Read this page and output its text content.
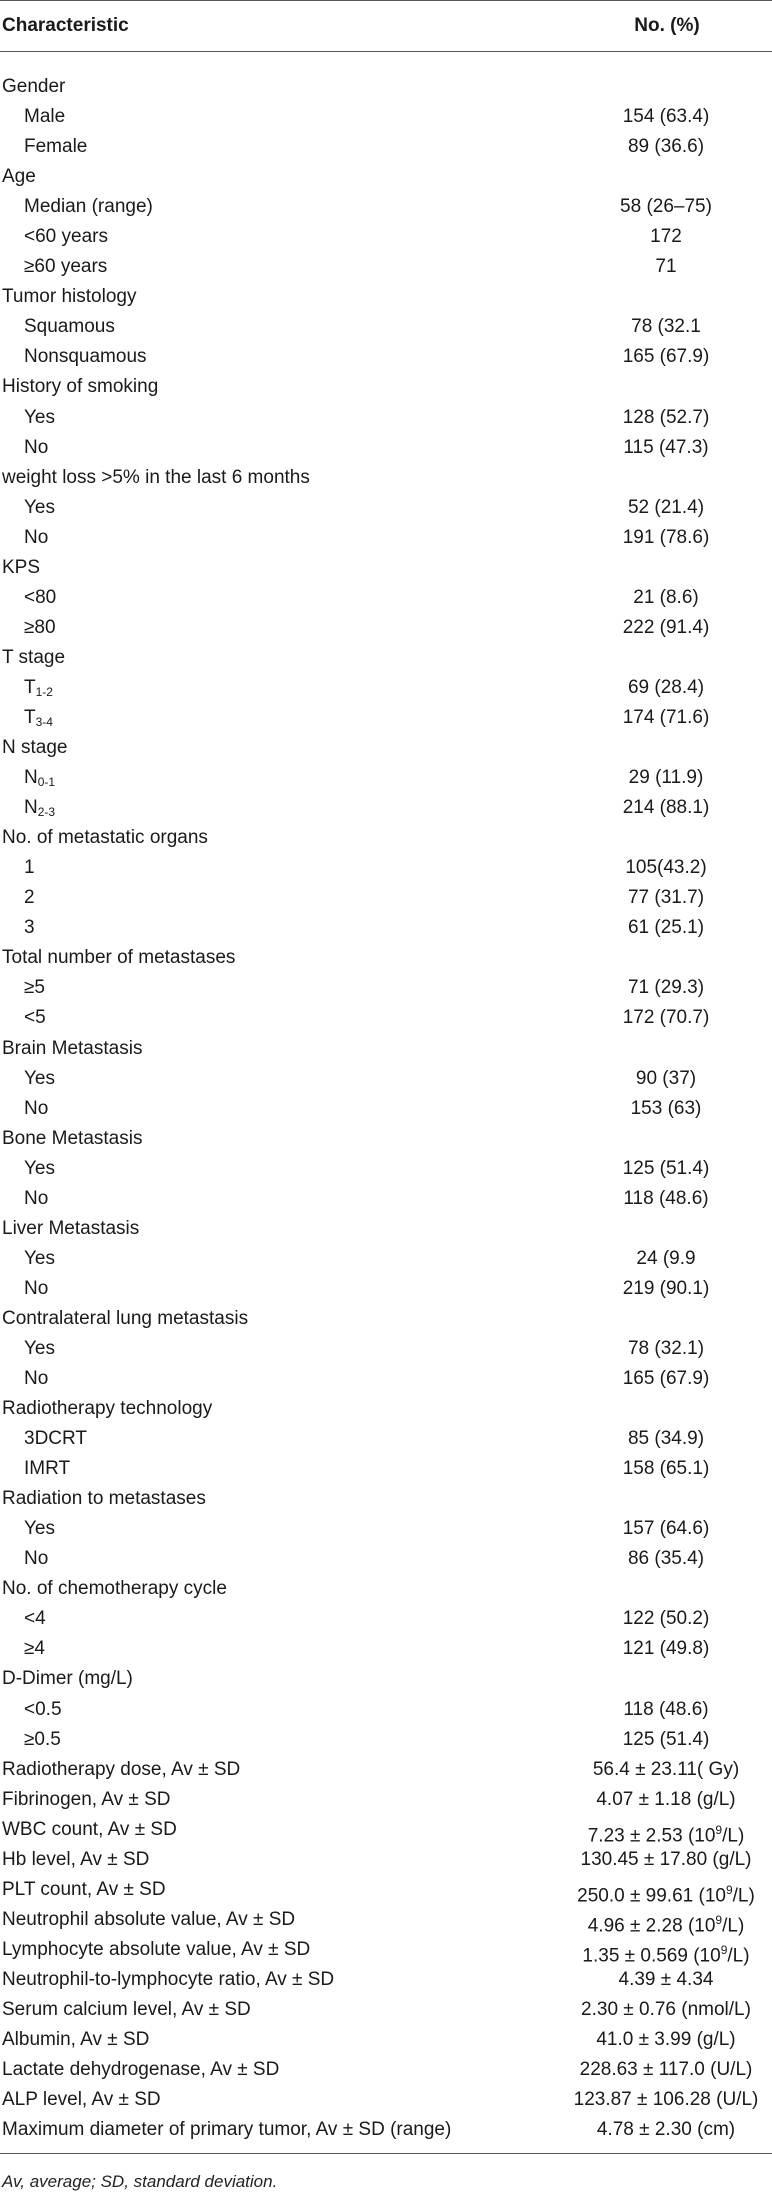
Characteristic	No. (%)
Gender
Male	154 (63.4)
Female	89 (36.6)
Age
Median (range)	58 (26–75)
<60 years	172
≥60 years	71
Tumor histology
Squamous	78 (32.1
Nonsquamous	165 (67.9)
History of smoking
Yes	128 (52.7)
No	115 (47.3)
weight loss >5% in the last 6 months
Yes	52 (21.4)
No	191 (78.6)
KPS
<80	21 (8.6)
≥80	222 (91.4)
T stage
$T_{1-2}$	69 (28.4)
$T_{3-4}$	174 (71.6)
N stage
$N_{0-1}$	29 (11.9)
$N_{2-3}$	214 (88.1)
No. of metastatic organs
1	105(43.2)
2	77 (31.7)
3	61 (25.1)
Total number of metastases
≥5	71 (29.3)
<5	172 (70.7)
Brain Metastasis
Yes	90 (37)
No	153 (63)
Bone Metastasis
Yes	125 (51.4)
No	118 (48.6)
Liver Metastasis
Yes	24 (9.9
No	219 (90.1)
Contralateral lung metastasis
Yes	78 (32.1)
No	165 (67.9)
Radiotherapy technology
3DCRT	85 (34.9)
IMRT	158 (65.1)
Radiation to metastases
Yes	157 (64.6)
No	86 (35.4)
No. of chemotherapy cycle
<4	122 (50.2)
≥4	121 (49.8)
D-Dimer (mg/L)
<0.5	118 (48.6)
≥0.5	125 (51.4)
Radiotherapy dose, Av ± SD	56.4 ± 23.11( Gy)
Fibrinogen, Av ± SD	4.07 ± 1.18 (g/L)
WBC count, Av ± SD	7.23 ± 2.53 $(10^9/L)$
Hb level, Av ± SD	130.45 ± 17.80 (g/L)
PLT count, Av ± SD	250.0 ± 99.61 $(10^9/L)$
Neutrophil absolute value, Av ± SD	4.96 ± 2.28 $(10^9/L)$
Lymphocyte absolute value, Av ± SD	1.35 ± 0.569 $(10^9/L)$
Neutrophil-to-lymphocyte ratio, Av ± SD	4.39 ± 4.34
Serum calcium level, Av ± SD	2.30 ± 0.76 (nmol/L)
Albumin, Av ± SD	41.0 ± 3.99 (g/L)
Lactate dehydrogenase, Av ± SD	228.63 ± 117.0 (U/L)
ALP level, Av ± SD	123.87 ± 106.28 (U/L)
Maximum diameter of primary tumor, Av ± SD (range)	4.78 ± 2.30 (cm)
Av, average; SD, standard deviation.
